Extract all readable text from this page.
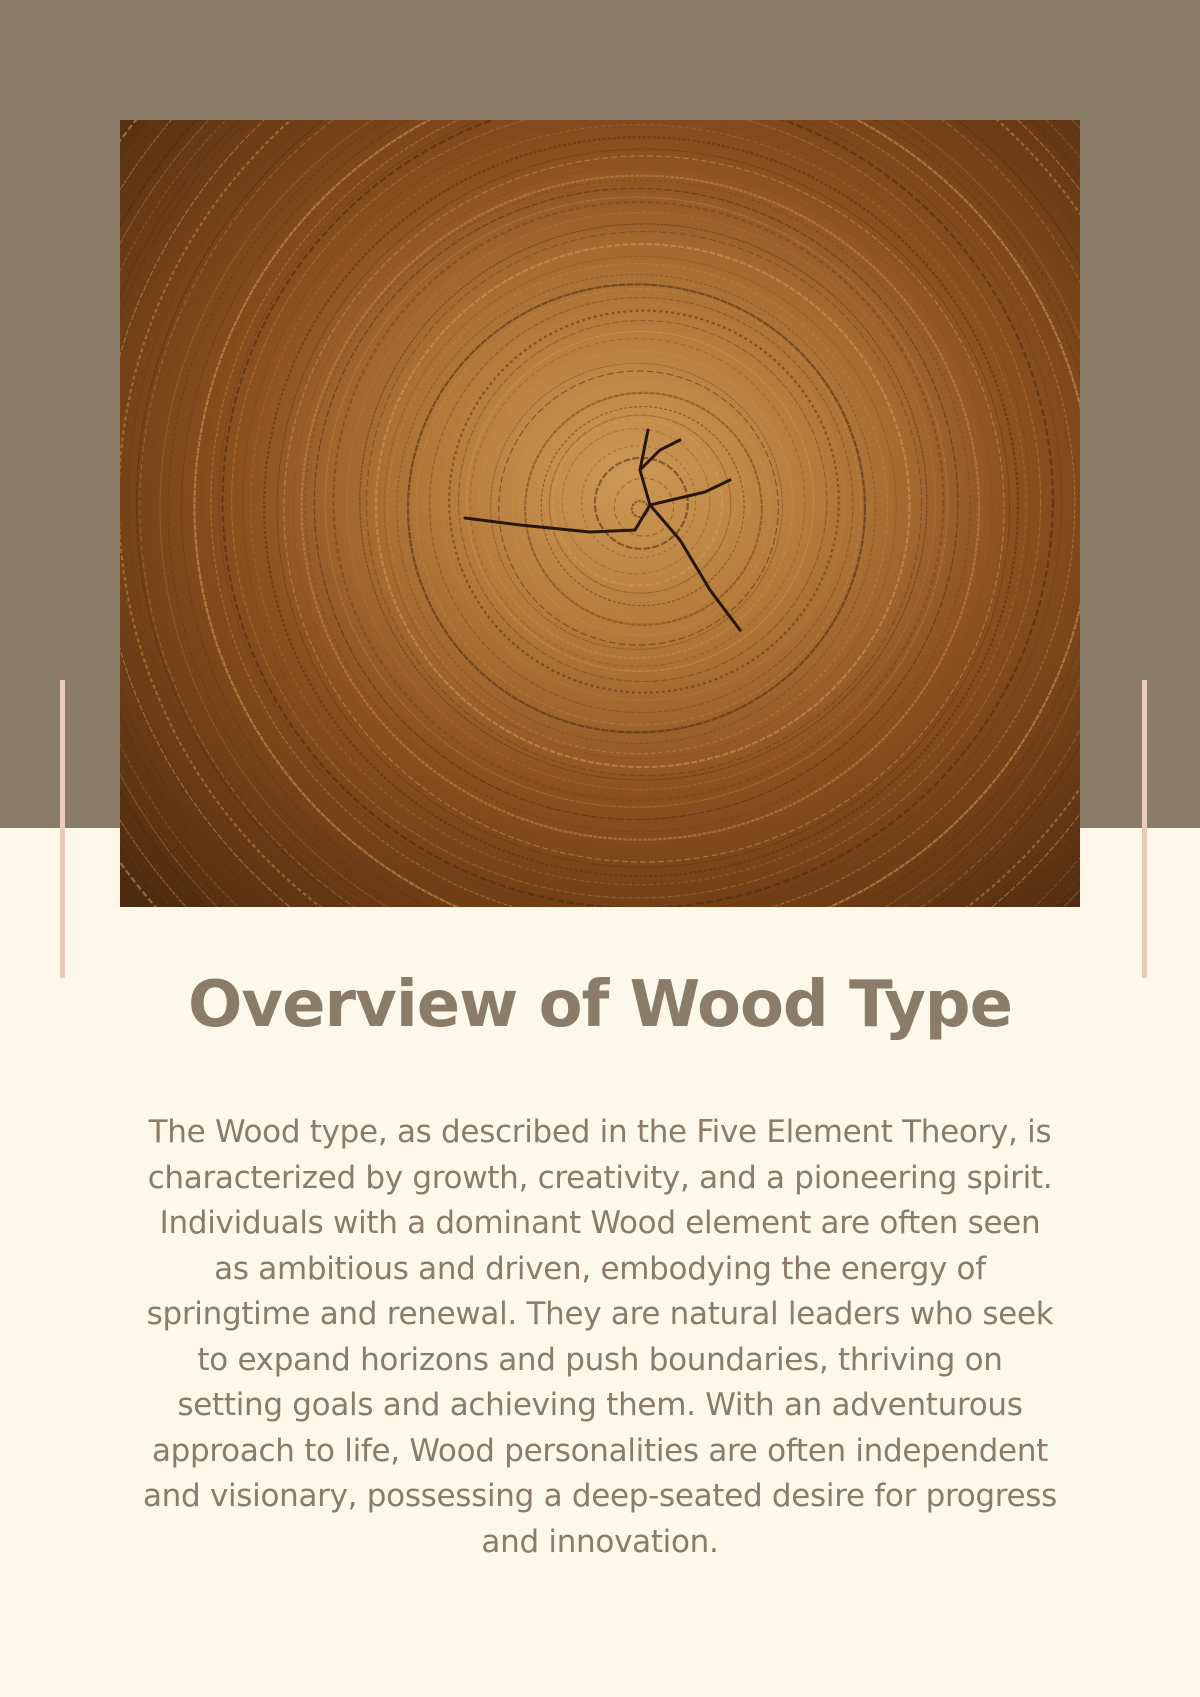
Overview of Wood Type

The Wood type, as described in the Five Element Theory, is characterized by growth, creativity, and a pioneering spirit. Individuals with a dominant Wood element are often seen as ambitious and driven, embodying the energy of springtime and renewal. They are natural leaders who seek to expand horizons and push boundaries, thriving on setting goals and achieving them. With an adventurous approach to life, Wood personalities are often independent and visionary, possessing a deep-seated desire for progress and innovation.
